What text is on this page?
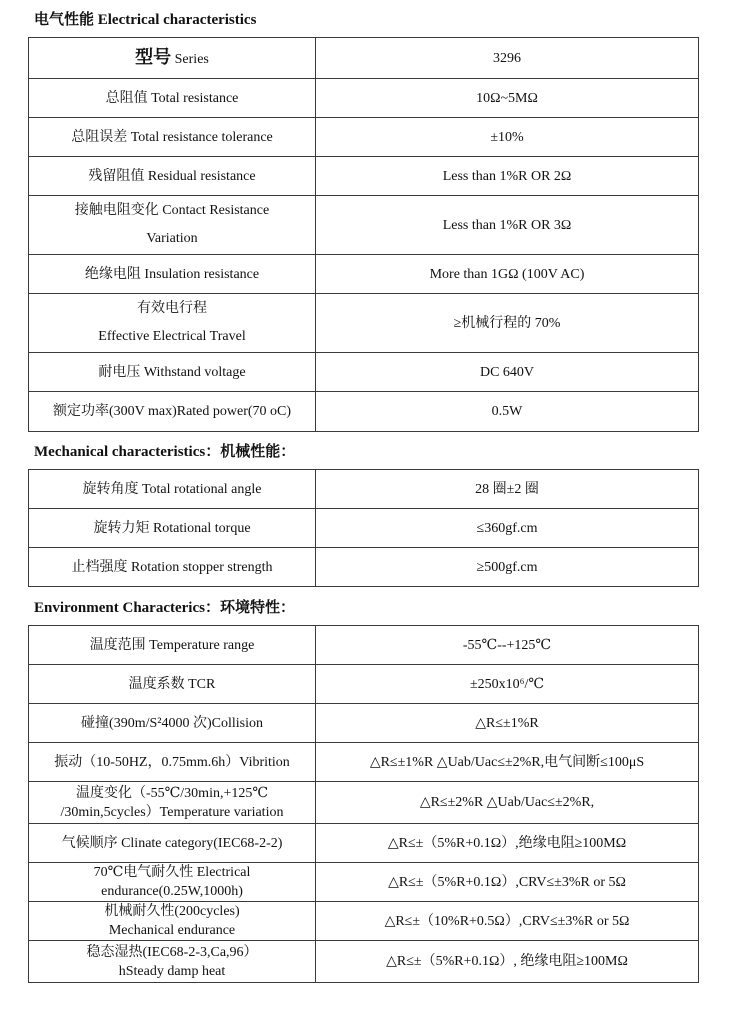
电气性能 Electrical characteristics
型号 Series	3296
总阻值 Total resistance	10Ω~5MΩ
总阻误差 Total resistance tolerance	±10%
残留阻值 Residual resistance	Less than 1%R OR 2Ω

接触电阻变化 Contact Resistance
Variation	Less than 1%R OR 3Ω
绝缘电阻 Insulation resistance	More than 1GΩ (100V AC)

有效电行程
Effective Electrical Travel	≥机械行程的 70%
耐电压 Withstand voltage	DC 640V
额定功率(300V max)Rated power(70 oC)	0.5W
Mechanical characteristics：机械性能：
旋转角度 Total rotational angle	28 圈±2 圈
旋转力矩 Rotational torque	≤360gf.cm
止档强度 Rotation stopper strength	≥500gf.cm
Environment Characterics：环境特性：
温度范围 Temperature range	-55℃--+125℃
温度系数 TCR	±250x10⁶/℃
碰撞(390m/S²4000 次)Collision	△R≤±1%R
振动（10-50HZ，0.75mm.6h）Vibrition	△R≤±1%R △Uab/Uac≤±2%R,电气间断≤100μS

温度变化（-55℃/30min,+125℃
/30min,5cycles）Temperature variation	△R≤±2%R △Uab/Uac≤±2%R,
气候顺序 Clinate category(IEC68-2-2)	△R≤±（5%R+0.1Ω）,绝缘电阻≥100MΩ

70℃电气耐久性 Electrical
endurance(0.25W,1000h)	△R≤±（5%R+0.1Ω）,CRV≤±3%R or 5Ω

机械耐久性(200cycles)
Mechanical endurance	△R≤±（10%R+0.5Ω）,CRV≤±3%R or 5Ω

稳态湿热(IEC68-2-3,Ca,96）
hSteady damp heat	△R≤±（5%R+0.1Ω）, 绝缘电阻≥100MΩ
